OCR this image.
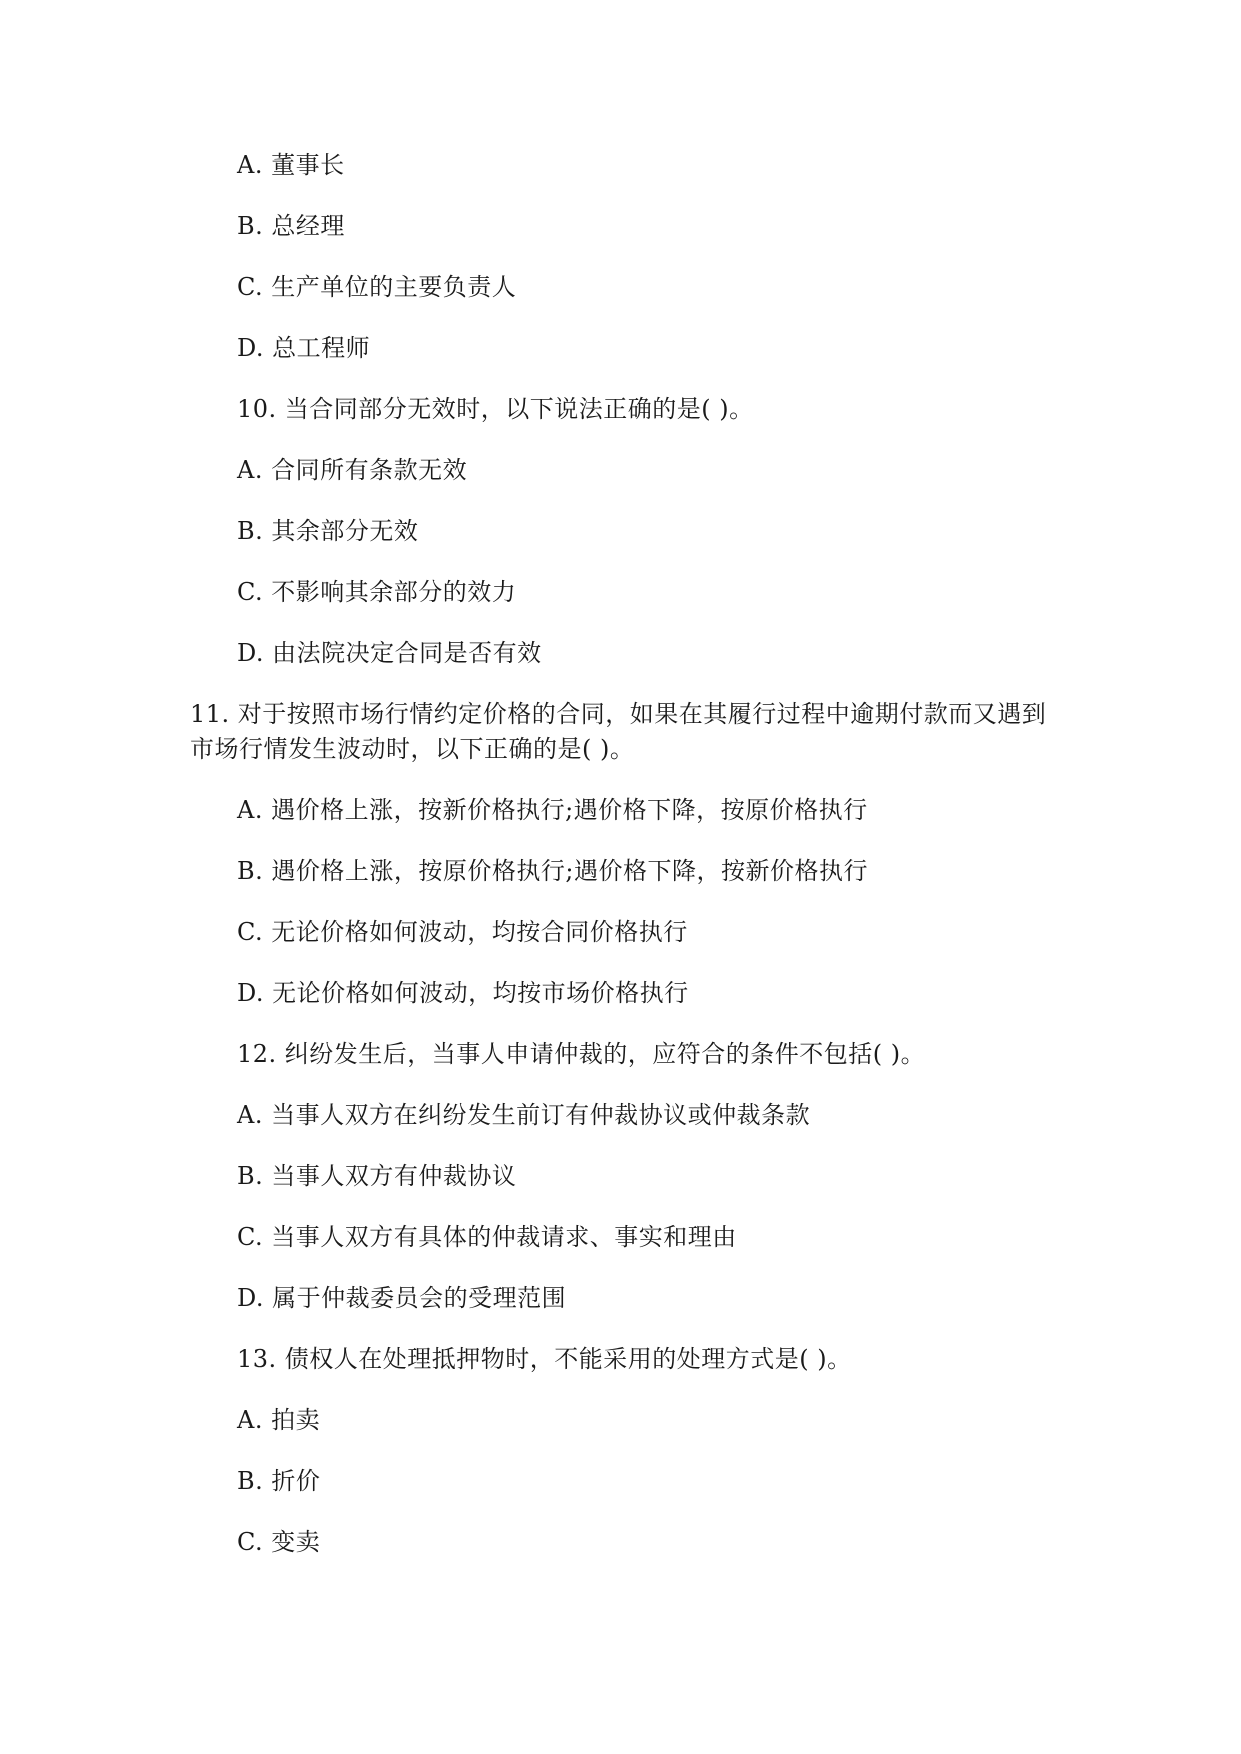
A. 董事长
B. 总经理
C. 生产单位的主要负责人
D. 总工程师
10. 当合同部分无效时，以下说法正确的是( )。
A. 合同所有条款无效
B. 其余部分无效
C. 不影响其余部分的效力
D. 由法院决定合同是否有效
11. 对于按照市场行情约定价格的合同，如果在其履行过程中逾期付款而又遇到
市场行情发生波动时，以下正确的是( )。
A. 遇价格上涨，按新价格执行;遇价格下降，按原价格执行
B. 遇价格上涨，按原价格执行;遇价格下降，按新价格执行
C. 无论价格如何波动，均按合同价格执行
D. 无论价格如何波动，均按市场价格执行
12. 纠纷发生后，当事人申请仲裁的，应符合的条件不包括( )。
A. 当事人双方在纠纷发生前订有仲裁协议或仲裁条款
B. 当事人双方有仲裁协议
C. 当事人双方有具体的仲裁请求、事实和理由
D. 属于仲裁委员会的受理范围
13. 债权人在处理抵押物时，不能采用的处理方式是( )。
A. 拍卖
B. 折价
C. 变卖
